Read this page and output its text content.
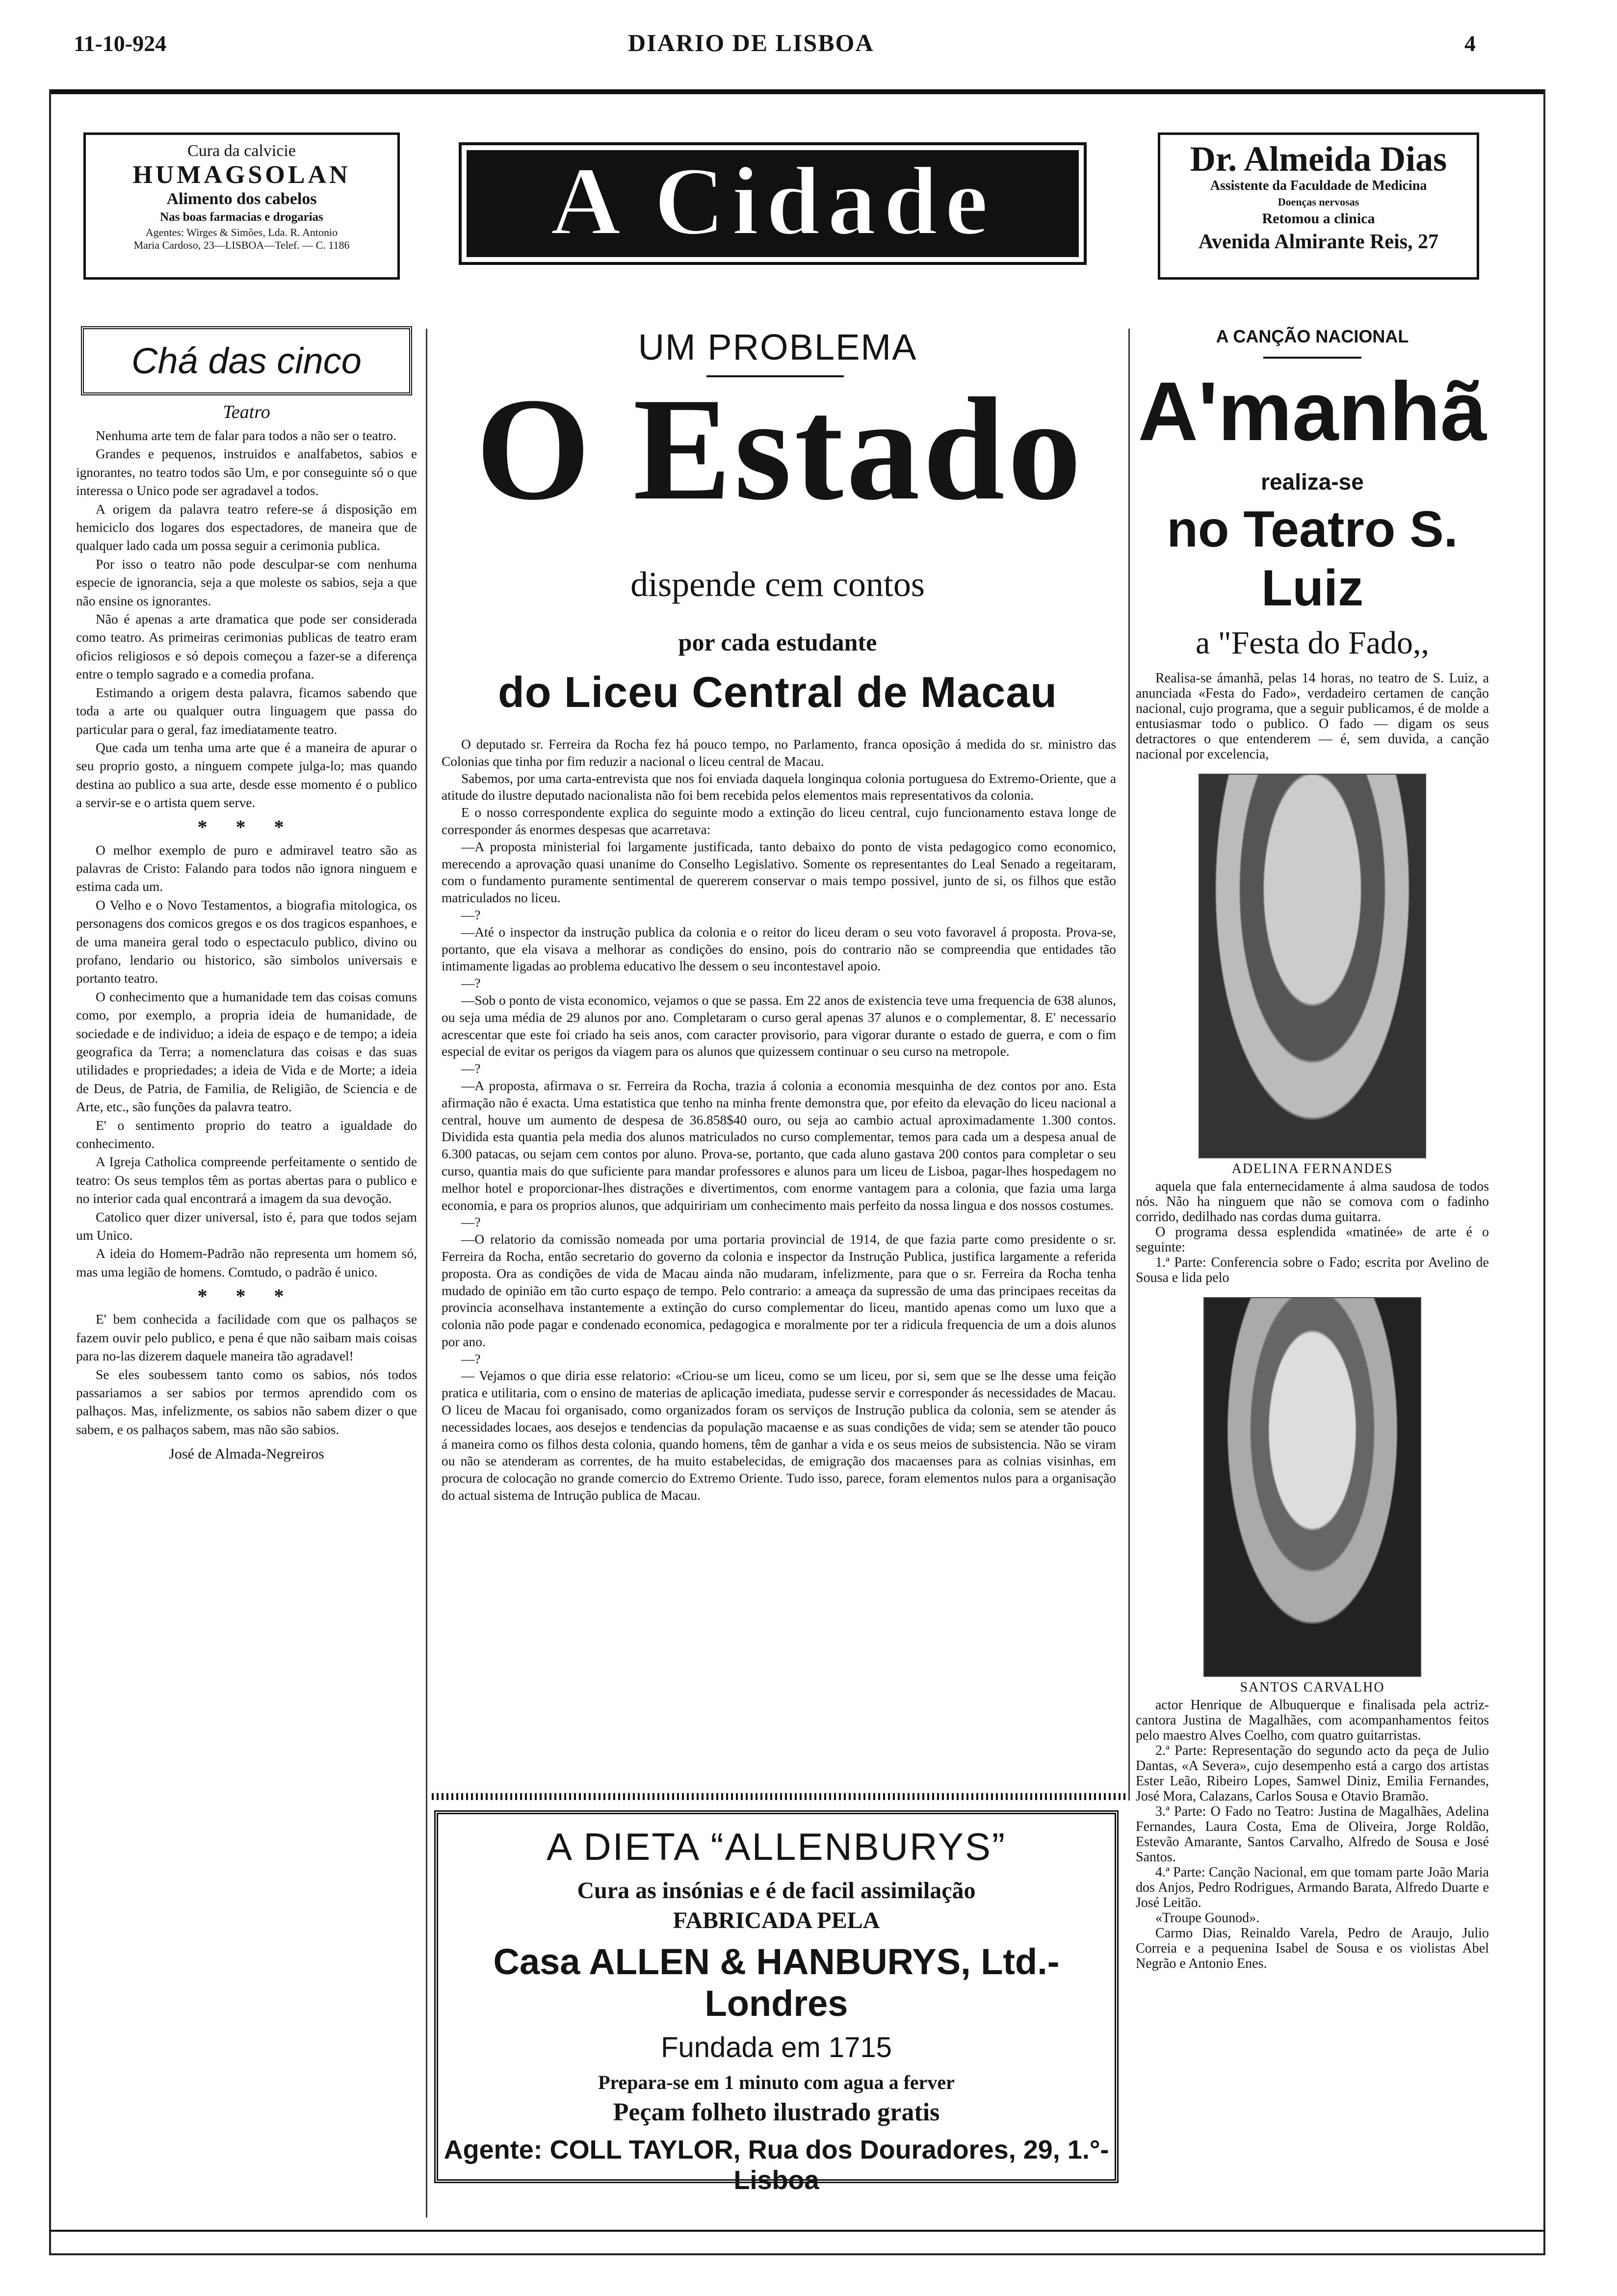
11-10-924	DIARIO DE LISBOA	4
Cura da calvicie
HUMAGSOLAN
Alimento dos cabelos
Nas boas farmacias e drogarias
Agentes: Wirges & Simões, Lda. R. Antonio
Maria Cardoso, 23—LISBOA—Telef. — C. 1186	A Cidade	Dr. Almeida Dias
Assistente da Faculdade de Medicina
Doenças nervosas
Retomou a clinica
Avenida Almirante Reis, 27
Chá das cinco
Teatro

Nenhuma arte tem de falar para todos a não ser o teatro.

Grandes e pequenos, instruidos e analfabetos, sabios e ignorantes, no teatro todos são Um, e por conseguinte só o que interessa o Unico pode ser agradavel a todos.

A origem da palavra teatro refere-se á disposição em hemiciclo dos logares dos espectadores, de maneira que de qualquer lado cada um possa seguir a cerimonia publica.

Por isso o teatro não pode desculpar-se com nenhuma especie de ignorancia, seja a que moleste os sabios, seja a que não ensine os ignorantes.

Não é apenas a arte dramatica que pode ser considerada como teatro. As primeiras cerimonias publicas de teatro eram oficios religiosos e só depois começou a fazer-se a diferença entre o templo sagrado e a comedia profana.

Estimando a origem desta palavra, ficamos sabendo que toda a arte ou qualquer outra linguagem que passa do particular para o geral, faz imediatamente teatro.

Que cada um tenha uma arte que é a maneira de apurar o seu proprio gosto, a ninguem compete julga-lo; mas quando destina ao publico a sua arte, desde esse momento é o publico a servir-se e o artista quem serve.

* * *

O melhor exemplo de puro e admiravel teatro são as palavras de Cristo: Falando para todos não ignora ninguem e estima cada um.

O Velho e o Novo Testamentos, a biografia mitologica, os personagens dos comicos gregos e os dos tragicos espanhoes, e de uma maneira geral todo o espectaculo publico, divino ou profano, lendario ou historico, são simbolos universais e portanto teatro.

O conhecimento que a humanidade tem das coisas comuns como, por exemplo, a propria ideia de humanidade, de sociedade e de individuo; a ideia de espaço e de tempo; a ideia geografica da Terra; a nomenclatura das coisas e das suas utilidades e propriedades; a ideia de Vida e de Morte; a ideia de Deus, de Patria, de Familia, de Religião, de Sciencia e de Arte, etc., são funções da palavra teatro.

E' o sentimento proprio do teatro a igualdade do conhecimento.

A Igreja Catholica compreende perfeitamente o sentido de teatro: Os seus templos têm as portas abertas para o publico e no interior cada qual encontrará a imagem da sua devoção.

Catolico quer dizer universal, isto é, para que todos sejam um Unico.

A ideia do Homem-Padrão não representa um homem só, mas uma legião de homens. Comtudo, o padrão é unico.

* * *

E' bem conhecida a facilidade com que os palhaços se fazem ouvir pelo publico, e pena é que não saibam mais coisas para no-las dizerem daquele maneira tão agradavel!

Se eles soubessem tanto como os sabios, nós todos passariamos a ser sabios por termos aprendido com os palhaços. Mas, infelizmente, os sabios não sabem dizer o que sabem, e os palhaços sabem, mas não são sabios.

José de Almada-Negreiros
UM PROBLEMA
O Estado
dispende cem contos
por cada estudante
do Liceu Central de Macau

O deputado sr. Ferreira da Rocha fez há pouco tempo, no Parlamento, franca oposição á medida do sr. ministro das Colonias que tinha por fim reduzir a nacional o liceu central de Macau.

Sabemos, por uma carta-entrevista que nos foi enviada daquela longinqua colonia portuguesa do Extremo-Oriente, que a atitude do ilustre deputado nacionalista não foi bem recebida pelos elementos mais representativos da colonia.

E o nosso correspondente explica do seguinte modo a extinção do liceu central, cujo funcionamento estava longe de corresponder ás enormes despesas que acarretava:

—A proposta ministerial foi largamente justificada, tanto debaixo do ponto de vista pedagogico como economico, merecendo a aprovação quasi unanime do Conselho Legislativo. Somente os representantes do Leal Senado a regeitaram, com o fundamento puramente sentimental de quererem conservar o mais tempo possivel, junto de si, os filhos que estão matriculados no liceu.

—?

—Até o inspector da instrução publica da colonia e o reitor do liceu deram o seu voto favoravel á proposta. Prova-se, portanto, que ela visava a melhorar as condições do ensino, pois do contrario não se compreendia que entidades tão intimamente ligadas ao problema educativo lhe dessem o seu incontestavel apoio.

—?

—Sob o ponto de vista economico, vejamos o que se passa. Em 22 anos de existencia teve uma frequencia de 638 alunos, ou seja uma média de 29 alunos por ano. Completaram o curso geral apenas 37 alunos e o complementar, 8. E' necessario acrescentar que este foi criado ha seis anos, com caracter provisorio, para vigorar durante o estado de guerra, e com o fim especial de evitar os perigos da viagem para os alunos que quizessem continuar o seu curso na metropole.

—?

—A proposta, afirmava o sr. Ferreira da Rocha, trazia á colonia a economia mesquinha de dez contos por ano. Esta afirmação não é exacta. Uma estatistica que tenho na minha frente demonstra que, por efeito da elevação do liceu nacional a central, houve um aumento de despesa de 36.858$40 ouro, ou seja ao cambio actual aproximadamente 1.300 contos. Dividida esta quantia pela media dos alunos matriculados no curso complementar, temos para cada um a despesa anual de 6.300 patacas, ou sejam cem contos por aluno. Prova-se, portanto, que cada aluno gastava 200 contos para completar o seu curso, quantia mais do que suficiente para mandar professores e alunos para um liceu de Lisboa, pagar-lhes hospedagem no melhor hotel e proporcionar-lhes distrações e divertimentos, com enorme vantagem para a colonia, que fazia uma larga economia, e para os proprios alunos, que adquiririam um conhecimento mais perfeito da nossa lingua e dos nossos costumes.

—?

—O relatorio da comissão nomeada por uma portaria provincial de 1914, de que fazia parte como presidente o sr. Ferreira da Rocha, então secretario do governo da colonia e inspector da Instrução Publica, justifica largamente a referida proposta. Ora as condições de vida de Macau ainda não mudaram, infelizmente, para que o sr. Ferreira da Rocha tenha mudado de opinião em tão curto espaço de tempo. Pelo contrario: a ameaça da supressão de uma das principaes receitas da provincia aconselhava instantemente a extinção do curso complementar do liceu, mantido apenas como um luxo que a colonia não pode pagar e condenado economica, pedagogica e moralmente por ter a ridicula frequencia de um a dois alunos por ano.

—?

— Vejamos o que diria esse relatorio: «Criou-se um liceu, como se um liceu, por si, sem que se lhe desse uma feição pratica e utilitaria, com o ensino de materias de aplicação imediata, pudesse servir e corresponder ás necessidades de Macau. O liceu de Macau foi organisado, como organizados foram os serviços de Instrução publica da colonia, sem se atender ás necessidades locaes, aos desejos e tendencias da população macaense e as suas condições de vida; sem se atender tão pouco á maneira como os filhos desta colonia, quando homens, têm de ganhar a vida e os seus meios de subsistencia. Não se viram ou não se atenderam as correntes, de ha muito estabelecidas, de emigração dos macaenses para as colnias visinhas, em procura de colocação no grande comercio do Extremo Oriente. Tudo isso, parece, foram elementos nulos para a organisação do actual sistema de Intrução publica de Macau.

A DIETA “ALLENBURYS”
Cura as insónias e é de facil assimilação
FABRICADA PELA
Casa ALLEN & HANBURYS, Ltd.-Londres
Fundada em 1715
Prepara-se em 1 minuto com agua a ferver
Peçam folheto ilustrado gratis
Agente: COLL TAYLOR, Rua dos Douradores, 29, 1.°-Lisboa
A CANÇÃO NACIONAL
A'manhã
realiza-se
no Teatro S. Luiz
a "Festa do Fado,,

Realisa-se ámanhã, pelas 14 horas, no teatro de S. Luiz, a anunciada «Festa do Fado», verdadeiro certamen de canção nacional, cujo programa, que a seguir publicamos, é de molde a entusiasmar todo o publico. O fado — digam os seus detractores o que entenderem — é, sem duvida, a canção nacional por excelencia,

ADELINA FERNANDES

aquela que fala enternecidamente á alma saudosa de todos nós. Não ha ninguem que não se comova com o fadinho corrido, dedilhado nas cordas duma guitarra.

O programa dessa esplendida «matinée» de arte é o seguinte:

1.ª Parte: Conferencia sobre o Fado; escrita por Avelino de Sousa e lida pelo

SANTOS CARVALHO

actor Henrique de Albuquerque e finalisada pela actriz-cantora Justina de Magalhães, com acompanhamentos feitos pelo maestro Alves Coelho, com quatro guitarristas.

2.ª Parte: Representação do segundo acto da peça de Julio Dantas, «A Severa», cujo desempenho está a cargo dos artistas Ester Leão, Ribeiro Lopes, Samwel Diniz, Emilia Fernandes, José Mora, Calazans, Carlos Sousa e Otavio Bramão.

3.ª Parte: O Fado no Teatro: Justina de Magalhães, Adelina Fernandes, Laura Costa, Ema de Oliveira, Jorge Roldão, Estevão Amarante, Santos Carvalho, Alfredo de Sousa e José Santos.

4.ª Parte: Canção Nacional, em que tomam parte João Maria dos Anjos, Pedro Rodrigues, Armando Barata, Alfredo Duarte e José Leitão.

«Troupe Gounod».

Carmo Dias, Reinaldo Varela, Pedro de Araujo, Julio Correia e a pequenina Isabel de Sousa e os violistas Abel Negrão e Antonio Enes.
